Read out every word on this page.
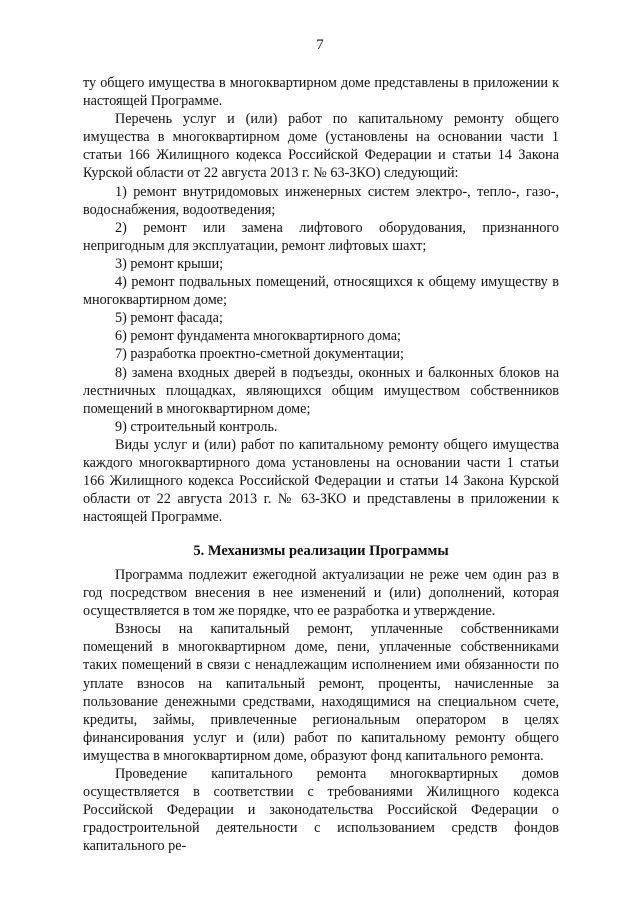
7

ту общего имущества в многоквартирном доме представлены в приложении к настоящей Программе.

Перечень услуг и (или) работ по капитальному ремонту общего имущества в многоквартирном доме (установлены на основании части 1 статьи 166 Жилищного кодекса Российской Федерации и статьи 14 Закона Курской области от 22 августа 2013 г. № 63-ЗКО) следующий:

1) ремонт внутридомовых инженерных систем электро-, тепло-, газо-, водоснабжения, водоотведения;

2) ремонт или замена лифтового оборудования, признанного непригодным для эксплуатации, ремонт лифтовых шахт;

3) ремонт крыши;

4) ремонт подвальных помещений, относящихся к общему имуществу в многоквартирном доме;

5) ремонт фасада;

6) ремонт фундамента многоквартирного дома;

7) разработка проектно-сметной документации;

8) замена входных дверей в подъезды, оконных и балконных блоков на лестничных площадках, являющихся общим имуществом собственников помещений в многоквартирном доме;

9) строительный контроль.

Виды услуг и (или) работ по капитальному ремонту общего имущества каждого многоквартирного дома установлены на основании части 1 статьи 166 Жилищного кодекса Российской Федерации и статьи 14 Закона Курской области от 22 августа 2013 г. № 63-ЗКО и представлены в приложении к настоящей Программе.

5. Механизмы реализации Программы

Программа подлежит ежегодной актуализации не реже чем один раз в год посредством внесения в нее изменений и (или) дополнений, которая осуществляется в том же порядке, что ее разработка и утверждение.

Взносы на капитальный ремонт, уплаченные собственниками помещений в многоквартирном доме, пени, уплаченные собственниками таких помещений в связи с ненадлежащим исполнением ими обязанности по уплате взносов на капитальный ремонт, проценты, начисленные за пользование денежными средствами, находящимися на специальном счете, кредиты, займы, привлеченные региональным оператором в целях финансирования услуг и (или) работ по капитальному ремонту общего имущества в многоквартирном доме, образуют фонд капитального ремонта.

Проведение капитального ремонта многоквартирных домов осуществляется в соответствии с требованиями Жилищного кодекса Российской Федерации и законодательства Российской Федерации о градостроительной деятельности с использованием средств фондов капитального ре-
